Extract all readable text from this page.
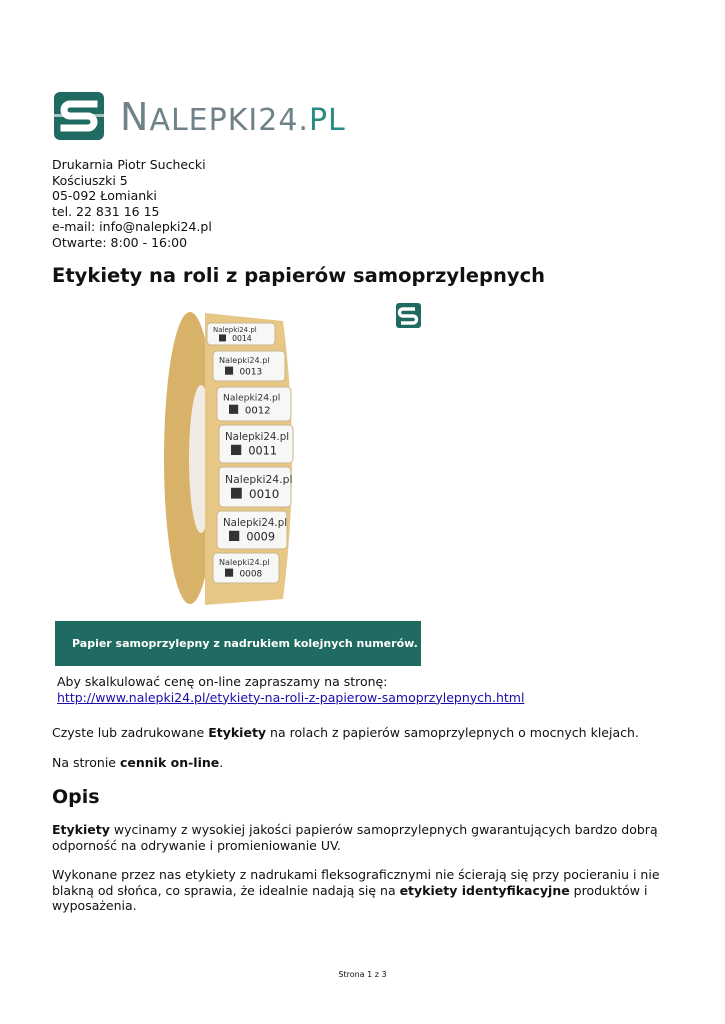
NALEPKI24.PL
Drukarnia Piotr Suchecki
Kościuszki 5
05-092 Łomianki
tel. 22 831 16 15
e-mail: info@nalepki24.pl
Otwarte: 8:00 - 16:00
Etykiety na roli z papierów samoprzylepnych
Nalepki24.pl
0014
Nalepki24.pl
0013
Nalepki24.pl
0012
Nalepki24.pl
0011
Nalepki24.pl
0010
Nalepki24.pl
0009
Nalepki24.pl
0008
Papier samoprzylepny z nadrukiem kolejnych numerów.
Aby skalkulować cenę on-line zapraszamy na stronę:
http://www.nalepki24.pl/etykiety-na-roli-z-papierow-samoprzylepnych.html
Czyste lub zadrukowane Etykiety na rolach z papierów samoprzylepnych o mocnych klejach.
Na stronie cennik on-line.
Opis
Etykiety wycinamy z wysokiej jakości papierów samoprzylepnych gwarantujących bardzo dobrą odporność na odrywanie i promieniowanie UV.
Wykonane przez nas etykiety z nadrukami fleksograficznymi nie ścierają się przy pocieraniu i nie blakną od słońca, co sprawia, że idealnie nadają się na etykiety identyfikacyjne produktów i wyposażenia.
Strona 1 z 3
